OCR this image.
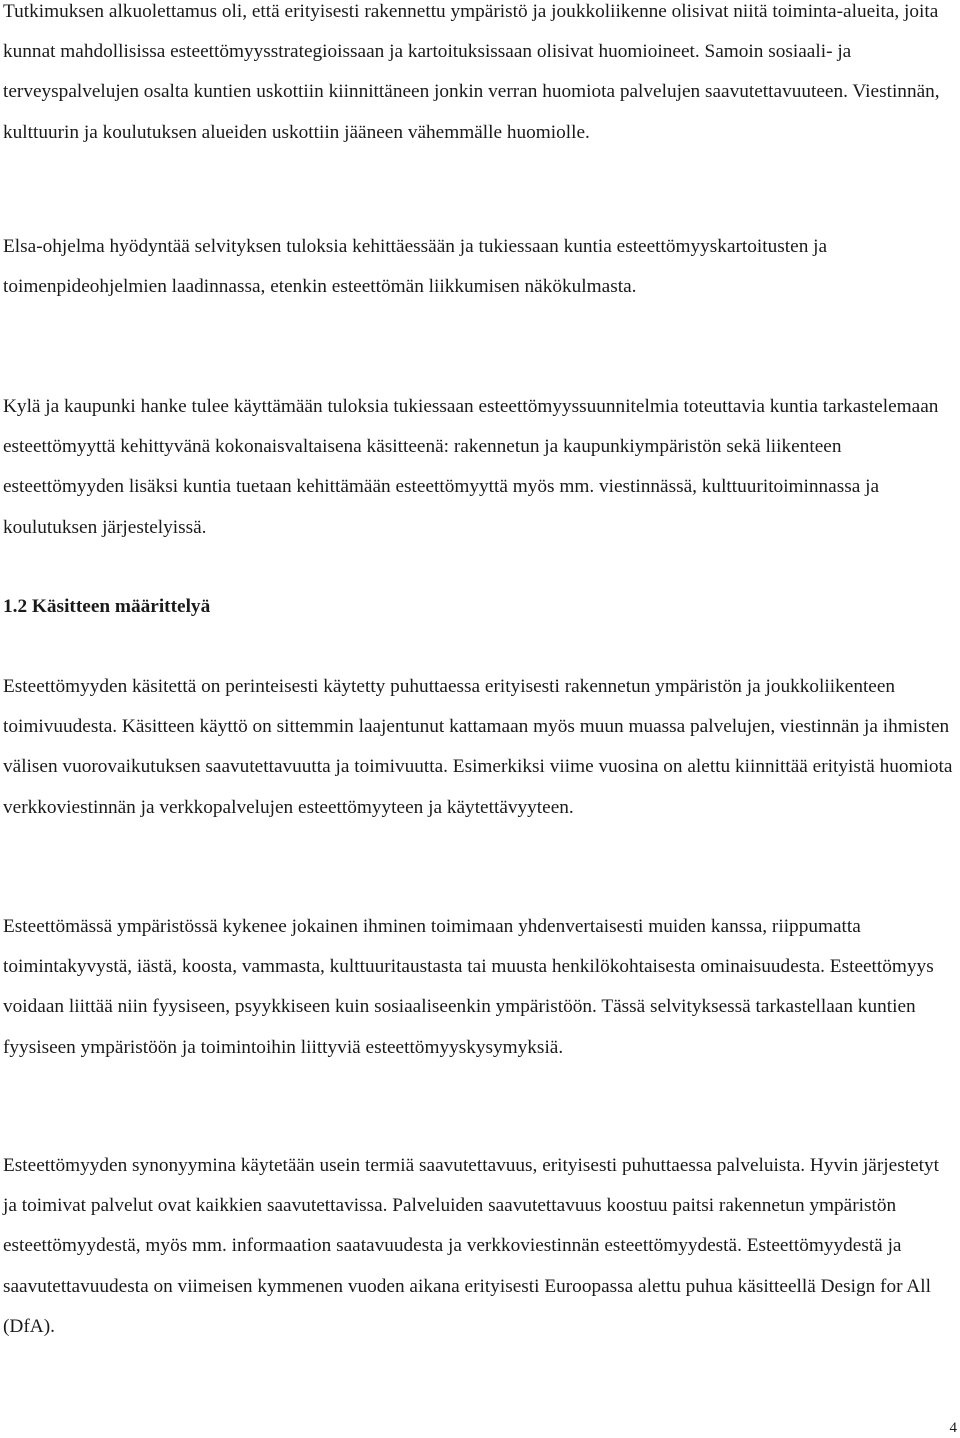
Tutkimuksen alkuolettamus oli, että erityisesti rakennettu ympäristö ja joukkoliikenne olisivat niitä toiminta-alueita, joita kunnat mahdollisissa esteettömyysstrategioissaan ja kartoituksissaan olisivat huomioineet. Samoin sosiaali- ja terveyspalvelujen osalta kuntien uskottiin kiinnittäneen jonkin verran huomiota palvelujen saavutettavuuteen. Viestinnän, kulttuurin ja koulutuksen alueiden uskottiin jääneen vähemmälle huomiolle.

Elsa-ohjelma hyödyntää selvityksen tuloksia kehittäessään ja tukiessaan kuntia esteettömyyskartoitusten ja toimenpideohjelmien laadinnassa, etenkin esteettömän liikkumisen näkökulmasta.

Kylä ja kaupunki hanke tulee käyttämään tuloksia tukiessaan esteettömyyssuunnitelmia toteuttavia kuntia tarkastelemaan esteettömyyttä kehittyvänä kokonaisvaltaisena käsitteenä: rakennetun ja kaupunkiympäristön sekä liikenteen esteettömyyden lisäksi kuntia tuetaan kehittämään esteettömyyttä myös mm. viestinnässä, kulttuuritoiminnassa ja koulutuksen järjestelyissä.

1.2 Käsitteen määrittelyä

Esteettömyyden käsitettä on perinteisesti käytetty puhuttaessa erityisesti rakennetun ympäristön ja joukkoliikenteen toimivuudesta. Käsitteen käyttö on sittemmin laajentunut kattamaan myös muun muassa palvelujen, viestinnän ja ihmisten välisen vuorovaikutuksen saavutettavuutta ja toimivuutta. Esimerkiksi viime vuosina on alettu kiinnittää erityistä huomiota verkkoviestinnän ja verkkopalvelujen esteettömyyteen ja käytettävyyteen.

Esteettömässä ympäristössä kykenee jokainen ihminen toimimaan yhdenvertaisesti muiden kanssa, riippumatta toimintakyvystä, iästä, koosta, vammasta, kulttuuritaustasta tai muusta henkilökohtaisesta ominaisuudesta. Esteettömyys voidaan liittää niin fyysiseen, psyykkiseen kuin sosiaaliseenkin ympäristöön. Tässä selvityksessä tarkastellaan kuntien fyysiseen ympäristöön ja toimintoihin liittyviä esteettömyyskysymyksiä.

Esteettömyyden synonyymina käytetään usein termiä saavutettavuus, erityisesti puhuttaessa palveluista. Hyvin järjestetyt ja toimivat palvelut ovat kaikkien saavutettavissa. Palveluiden saavutettavuus koostuu paitsi rakennetun ympäristön esteettömyydestä, myös mm. informaation saatavuudesta ja verkkoviestinnän esteettömyydestä. Esteettömyydestä ja saavutettavuudesta on viimeisen kymmenen vuoden aikana erityisesti Euroopassa alettu puhua käsitteellä Design for All (DfA).

4
